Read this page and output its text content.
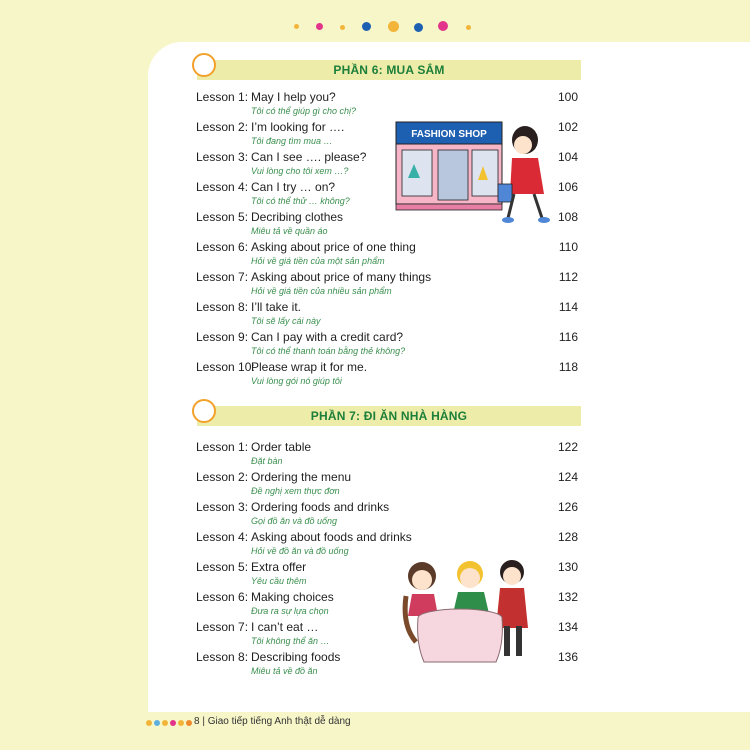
PHẦN 6: MUA SẮM
Lesson 1: May I help you?
Tôi có thể giúp gì cho chị?
100
Lesson 2: I’m looking for ….
Tôi đang tìm mua …
102
Lesson 3: Can I see …. please?
Vui lòng cho tôi xem …?
104
Lesson 4: Can I try … on?
Tôi có thể thử … không?
106
Lesson 5: Decribing clothes
Miêu tả về quần áo
108
Lesson 6: Asking about price of one thing
Hỏi về giá tiền của một sản phẩm
110
Lesson 7: Asking about price of many things
Hỏi về giá tiền của nhiều sản phẩm
112
Lesson 8: I’ll take it.
Tôi sẽ lấy cái này
114
Lesson 9: Can I pay with a credit card?
Tôi có thể thanh toán bằng thẻ không?
116
Lesson 10:
Please wrap it for me.
Vui lòng gói nó giúp tôi
118
FASHION SHOP
PHẦN 7: ĐI ĂN NHÀ HÀNG
Lesson 1: Order table
Đặt bàn
122
Lesson 2: Ordering the menu
Đề nghị xem thực đơn
124
Lesson 3: Ordering foods and drinks
Gọi đồ ăn và đồ uống
126
Lesson 4: Asking about foods and drinks
Hỏi về đồ ăn và đồ uống
128
Lesson 5: Extra offer
Yêu cầu thêm
130
Lesson 6: Making choices
Đưa ra sự lựa chọn
132
Lesson 7: I can’t eat …
Tôi không thể ăn …
134
Lesson 8: Describing foods
Miêu tả về đồ ăn
136
8 | Giao tiếp tiếng Anh thật dễ dàng
